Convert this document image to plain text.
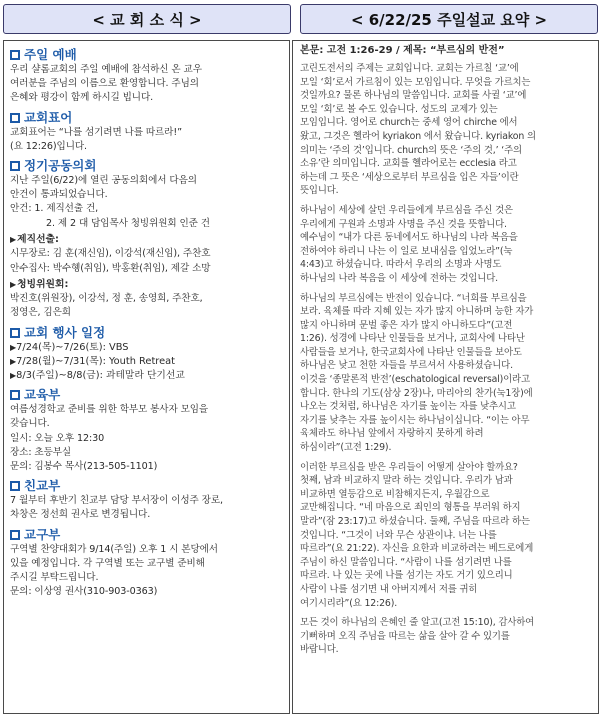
< 교 회 소 식 >	< 6/22/25 주일설교 요약 >
주일 예배

우리 샬롬교회의 주일 예배에 참석하신 온 교우

여러분을 주님의 이름으로 환영합니다. 주님의

은혜와 평강이 함께 하시길 빕니다.

교회표어

교회표어는 “나를 섬기려면 나를 따르라!”

(요 12:26)입니다.

정기공동의회

지난 주일(6/22)에 열린 공동의회에서 다음의

안건이 통과되었습니다.

안건: 1. 제직선출 건,

2. 제 2 대 담임목사 청빙위원회 인준 건

▶제직선출:

시무장로: 김 훈(재신임), 이강석(재신임), 주찬호

안수집사: 박수혱(취임), 박홍환(취임), 제갈 소망

▶청빙위원회:

박진호(위원장), 이강석, 정 훈, 송영희, 주찬호,

정영은, 김은희

교회 행사 일정
▶7/24(목)~7/26(토): VBS
▶7/28(월)~7/31(목): Youth Retreat
▶8/3(주일)~8/8(금): 과테말라 단기선교
교육부

여름성경학교 준비를 위한 학부모 봉사자 모임을

갖습니다.

일시: 오늘 오후 12:30

장소: 초등부실

문의: 김봉수 목사(213-505-1101)

친교부

7 월부터 후반기 친교부 담당 부서장이 이성주 장로,

차창은 정선희 권사로 변경됩니다.

교구부

구역별 찬양대회가 9/14(주일) 오후 1 시 본당에서

있을 예정입니다. 각 구역별 또는 교구별 준비해

주시길 부탁드립니다.

문의: 이상영 권사(310-903-0363)

본문: 고전 1:26-29 / 제목: “부르심의 반전”
고린도전서의 주제는 교회입니다. 교회는 가르칠 ‘교’에
모일 ‘회’로서 가르침이 있는 모임입니다. 무엇을 가르치는
것일까요? 물론 하나님의 말씀입니다. 교회를 사귈 ‘교’에
모일 ‘회’로 볼 수도 있습니다. 성도의 교제가 있는
모임입니다. 영어로 church는 중세 영어 chirche 에서
왔고, 그것은 헬라어 kyriakon 에서 왔습니다. kyriakon 의
의미는 ‘주의 것’입니다. church의 뜻은 ‘주의 것,’ ‘주의
소유’란 의미입니다. 교회를 헬라어로는 ecclesia 라고
하는데 그 뜻은 ‘세상으로부터 부르심을 입은 자들’이란
뜻입니다.
하나님이 세상에 살던 우리들에게 부르심을 주신 것은
우리에게 구원과 소명과 사명을 주신 것을 뜻합니다.
예수님이 “내가 다른 동네에서도 하나님의 나라 복음을
전하여야 하리니 나는 이 일로 보내심을 입었노라”(눅
4:43)고 하셨습니다. 따라서 우리의 소명과 사명도
하나님의 나라 복음을 이 세상에 전하는 것입니다.
하나님의 부르심에는 반전이 있습니다. “너희를 부르심을
보라. 육체를 따라 지혜 있는 자가 많지 아니하며 능한 자가
많지 아니하며 문벌 좋은 자가 많지 아니하도다”(고전
1:26). 성경에 나타난 인물들을 보거나, 교회사에 나타난
사람들을 보거나, 한국교회사에 나타난 인물들을 보아도
하나님은 낮고 천한 자들을 부르셔서 사용하셨습니다.
이것을 ‘종말론적 반전’(eschatological reversal)이라고
합니다. 한나의 기도(삼상 2장)나, 마리아의 찬가(눅1장)에
나오는 것처럼, 하나님은 자기를 높이는 자를 낮추시고
자기를 낮추는 자를 높이시는 하나님이십니다. “이는 아무
육체라도 하나님 앞에서 자랑하지 못하게 하려
하심이라”(고전 1:29).
이러한 부르심을 받은 우리들이 어떻게 살아야 할까요?
첫째, 남과 비교하지 말라 하는 것입니다. 우리가 남과
비교하면 열등감으로 비참해지든지, 우월감으로
교만해집니다. “네 마음으로 죄인의 형통을 부러워 하지
말라”(잠 23:17)고 하셨습니다. 둘째, 주님을 따르라 하는
것입니다. “그것이 너와 무슨 상관이냐. 너는 나를
따르라”(요 21:22). 자신을 요한과 비교하려는 베드로에게
주님이 하신 말씀입니다. “사람이 나를 섬기려면 나를
따르라. 나 있는 곳에 나를 섬기는 자도 거기 있으리니
사람이 나를 섬기면 내 아버지께서 저를 귀히
여기시리라”(요 12:26).
모든 것이 하나님의 은혜인 줄 알고(고전 15:10), 감사하여
기뻐하며 오직 주님을 따르는 삶을 살아 갈 수 있기를
바랍니다.
